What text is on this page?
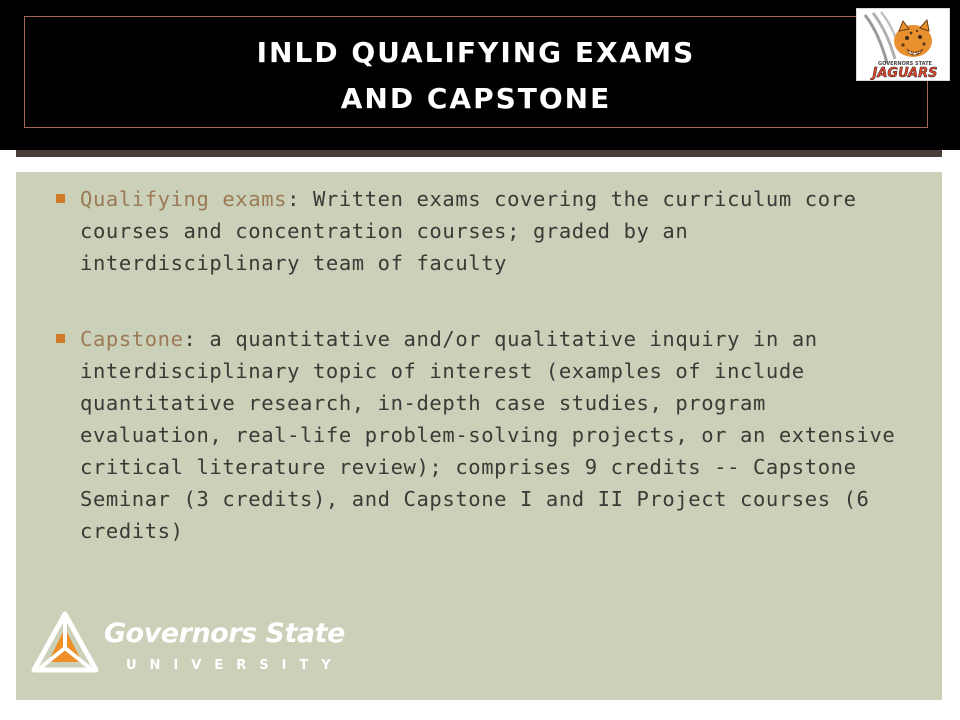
INLD QUALIFYING EXAMS
AND CAPSTONE
GOVERNORS STATE
JAGUARS
Qualifying exams: Written exams covering the curriculum core courses and concentration courses; graded by an interdisciplinary team of faculty
Capstone: a quantitative and/or qualitative inquiry in an interdisciplinary topic of interest (examples of include quantitative research, in-depth case studies, program evaluation, real-life problem-solving projects, or an extensive critical literature review); comprises 9 credits -- Capstone Seminar (3 credits), and Capstone I and II Project courses (6 credits)
Governors State
UNIVERSITY
